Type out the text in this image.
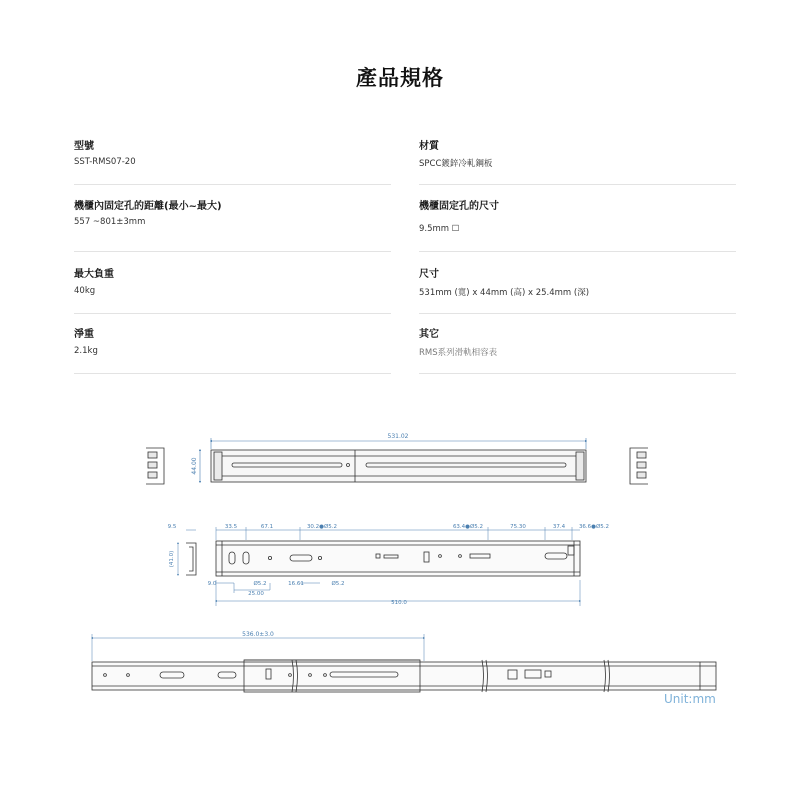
產品規格
型號
SST-RMS07-20
機櫃內固定孔的距離(最小~最大)
557 ~801±3mm
最大負重
40kg
淨重
2.1kg
材質
SPCC鍍鋅冷軋鋼板
機櫃固定孔的尺寸
9.5mm ☐
尺寸
531mm (寬) x 44mm (高) x 25.4mm (深)
其它
RMS系列滑軌相容表
531.02
44.00
9.5	33.5	67.1	30.2●Ø5.2	63.4●Ø5.2	75.30	37.4	36.6●Ø5.2
(41.0)
9.0	Ø5.2
25.00
16.61	Ø5.2
510.0
536.0±3.0
Unit:mm
